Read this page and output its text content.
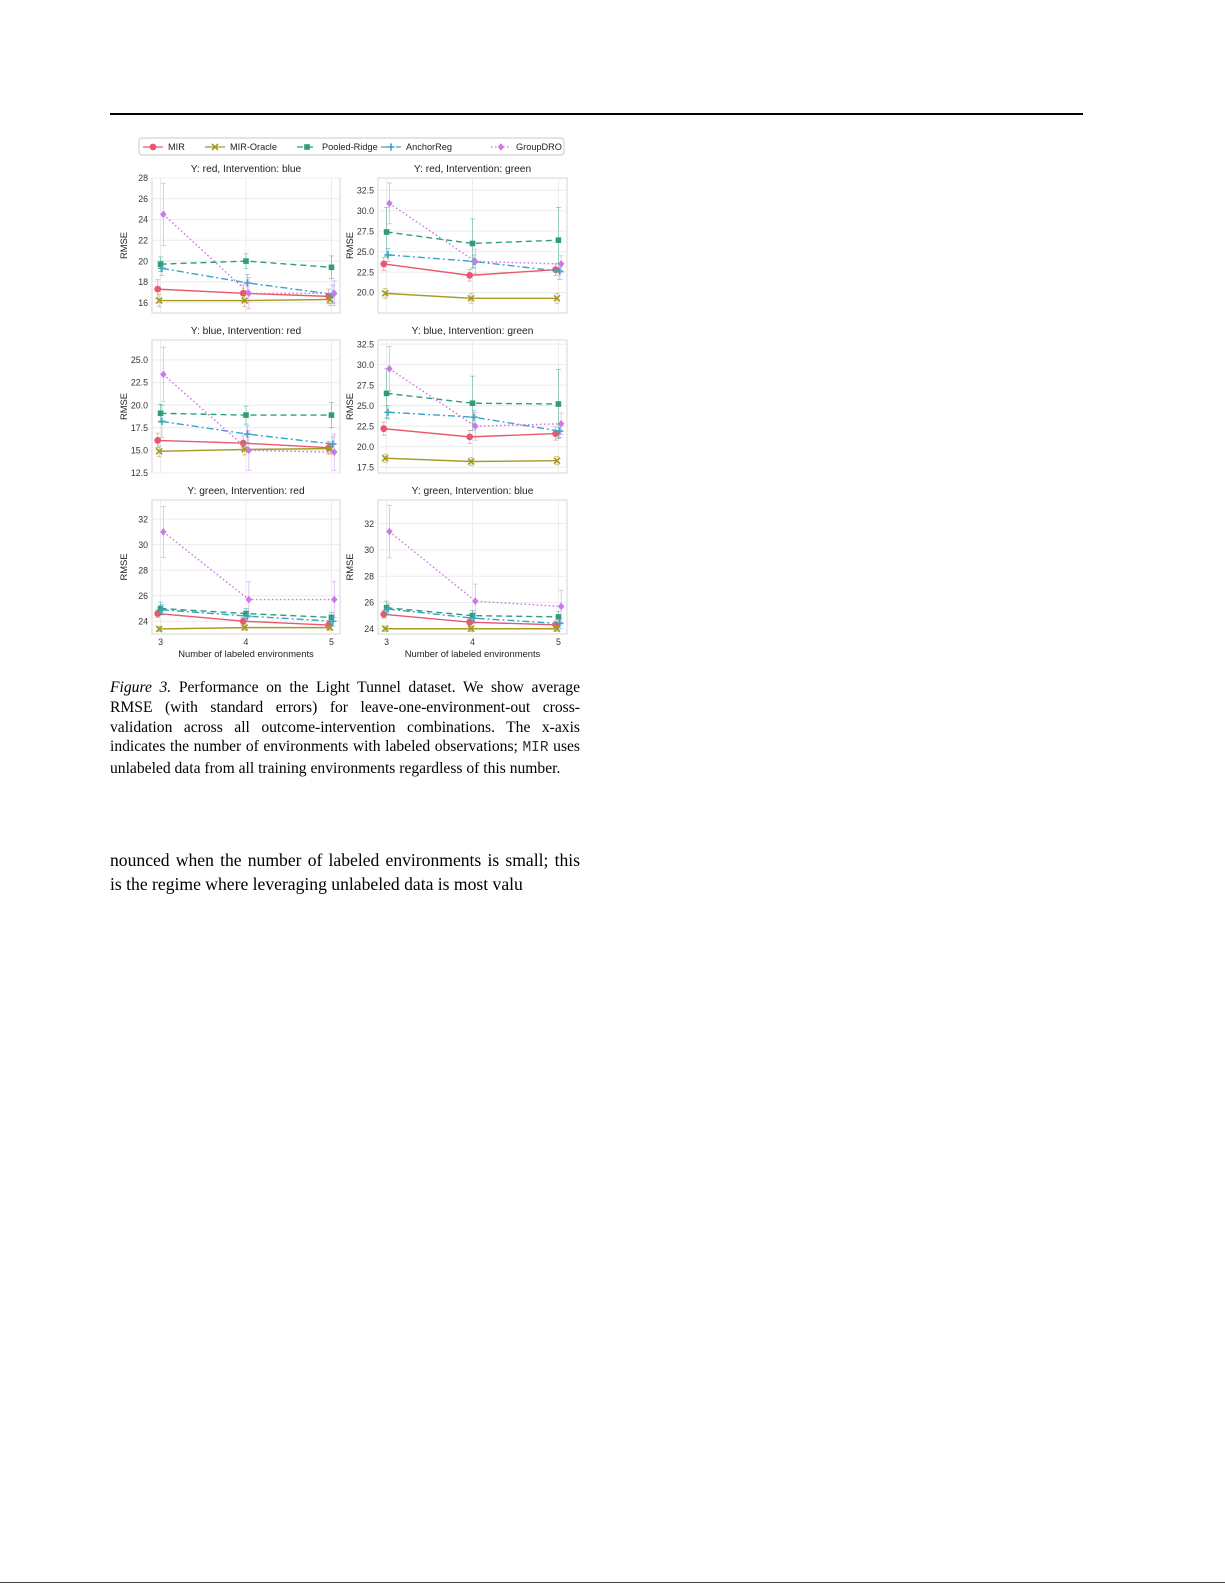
MIR	MIR-Oracle	Pooled-Ridge	AnchorReg	GroupDRO
Y: red, Intervention: blue
16
18
20
22
24
26
28
RMSE
Y: red, Intervention: green
20.0
22.5
25.0
27.5
30.0
32.5
RMSE
Y: blue, Intervention: red
12.5
15.0
17.5
20.0
22.5
25.0
RMSE
Y: blue, Intervention: green
17.5
20.0
22.5
25.0
27.5
30.0
32.5
RMSE
Y: green, Intervention: red
24
26
28
30
32
RMSE
3	4	5
Number of labeled environments
Y: green, Intervention: blue
24
26
28
30
32
RMSE
3	4	5
Number of labeled environments
Figure 3. Performance on the Light Tunnel dataset. We show average RMSE (with standard errors) for leave-one-environment-out cross-validation across all outcome-intervention combinations. The x-axis indicates the number of environments with labeled observations; MIR uses unlabeled data from all training environments regardless of this number.

nounced when the number of labeled environments is small; this is the regime where leveraging unlabeled data is most valu
